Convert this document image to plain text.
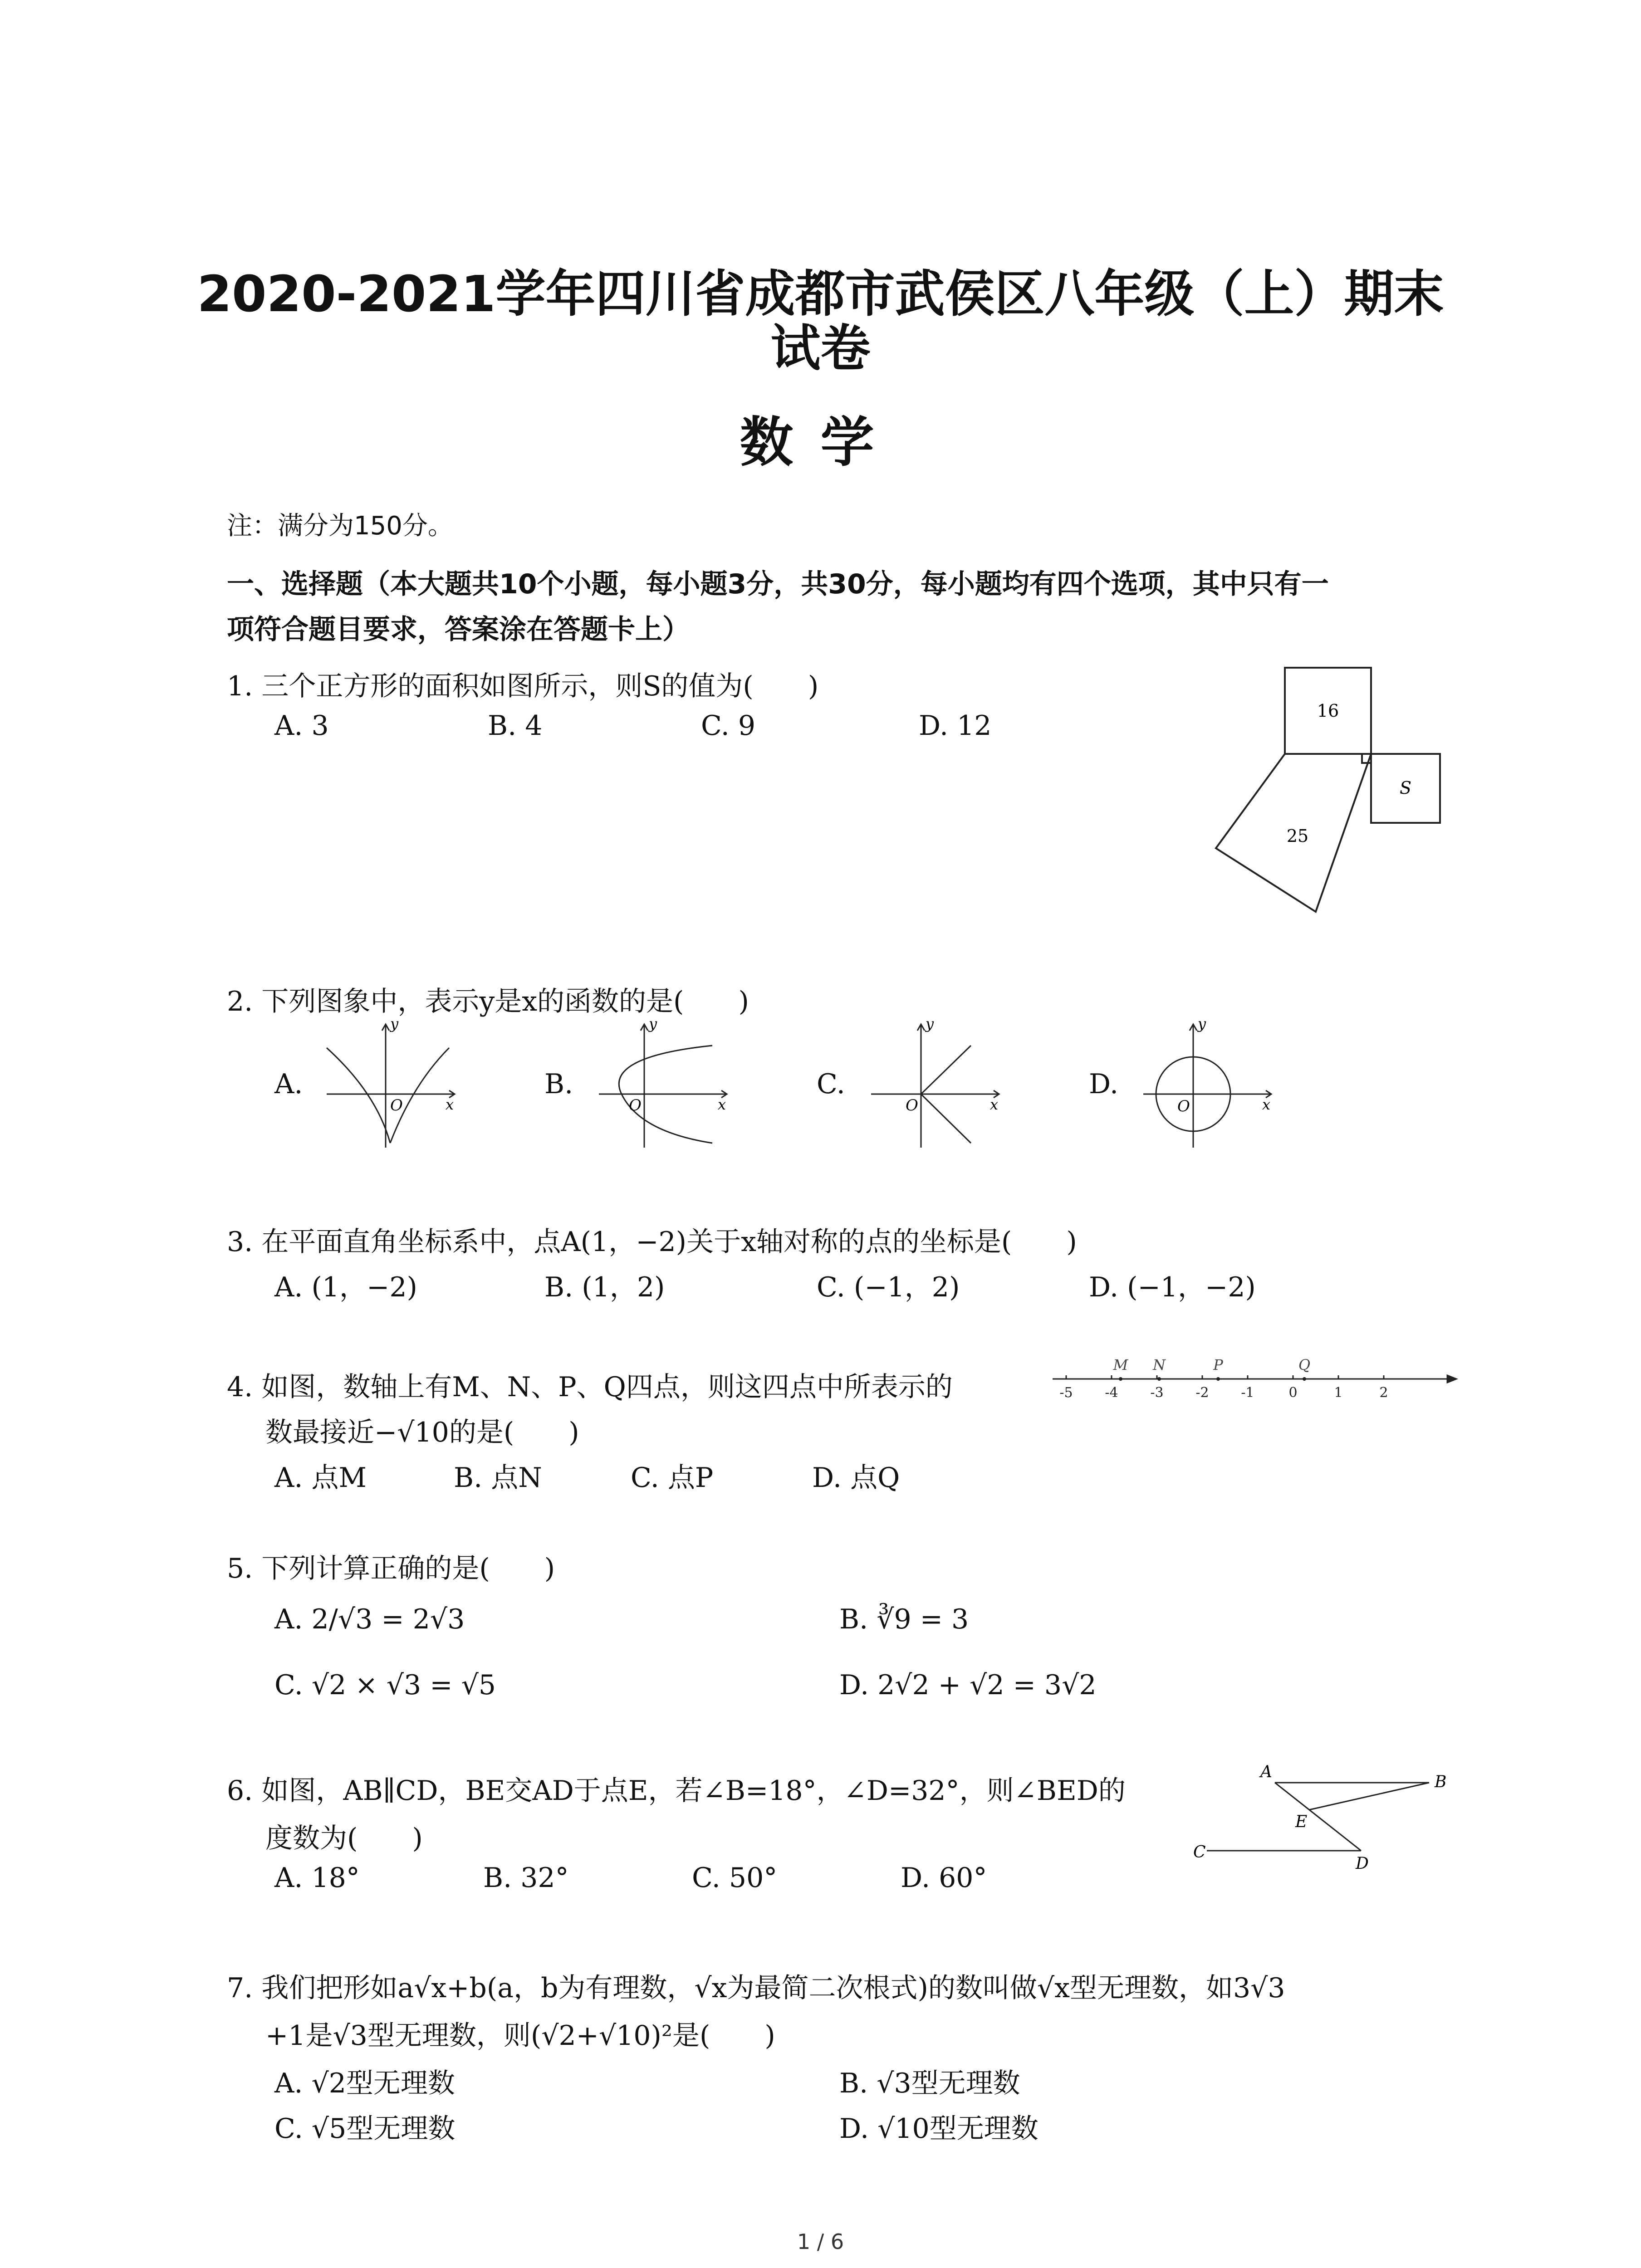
2020-2021学年四川省成都市武侯区八年级（上）期末
试卷
数学
注：满分为150分。
一、选择题（本大题共10个小题，每小题3分，共30分，每小题均有四个选项，其中只有一
项符合题目要求，答案涂在答题卡上）
1. 三个正方形的面积如图所示，则S的值为(　　)
A. 3	B. 4	C. 9	D. 12	16
S
25
2. 下列图象中，表示y是x的函数的是(　　)
A.	B.	C.	D.
y
x
O
y
x
O
y
x
O
y
x
O
3. 在平面直角坐标系中，点A(1，−2)关于x轴对称的点的坐标是(　　)
A. (1，−2)	B. (1，2)	C. (−1，2)	D. (−1，−2)
4. 如图，数轴上有M、N、P、Q四点，则这四点中所表示的
数最接近−√10的是(　　)
A. 点M	B. 点N	C. 点P	D. 点Q
-5 -4 -3 -2 -1	0	1	2
M N	P	Q
5. 下列计算正确的是(　　)
A. 2/√3 = 2√3	B. ∛9 = 3
C. √2 × √3 = √5	D. 2√2 + √2 = 3√2
6. 如图，AB∥CD，BE交AD于点E，若∠B=18°，∠D=32°，则∠BED的
度数为(　　)
A. 18°	B. 32°	C. 50°	D. 60°
A
B
E
C
D
7. 我们把形如a√x+b(a，b为有理数，√x为最简二次根式)的数叫做√x型无理数，如3√3
+1是√3型无理数，则(√2+√10)²是(　　)
A. √2型无理数	B. √3型无理数
C. √5型无理数	D. √10型无理数
1 / 6
